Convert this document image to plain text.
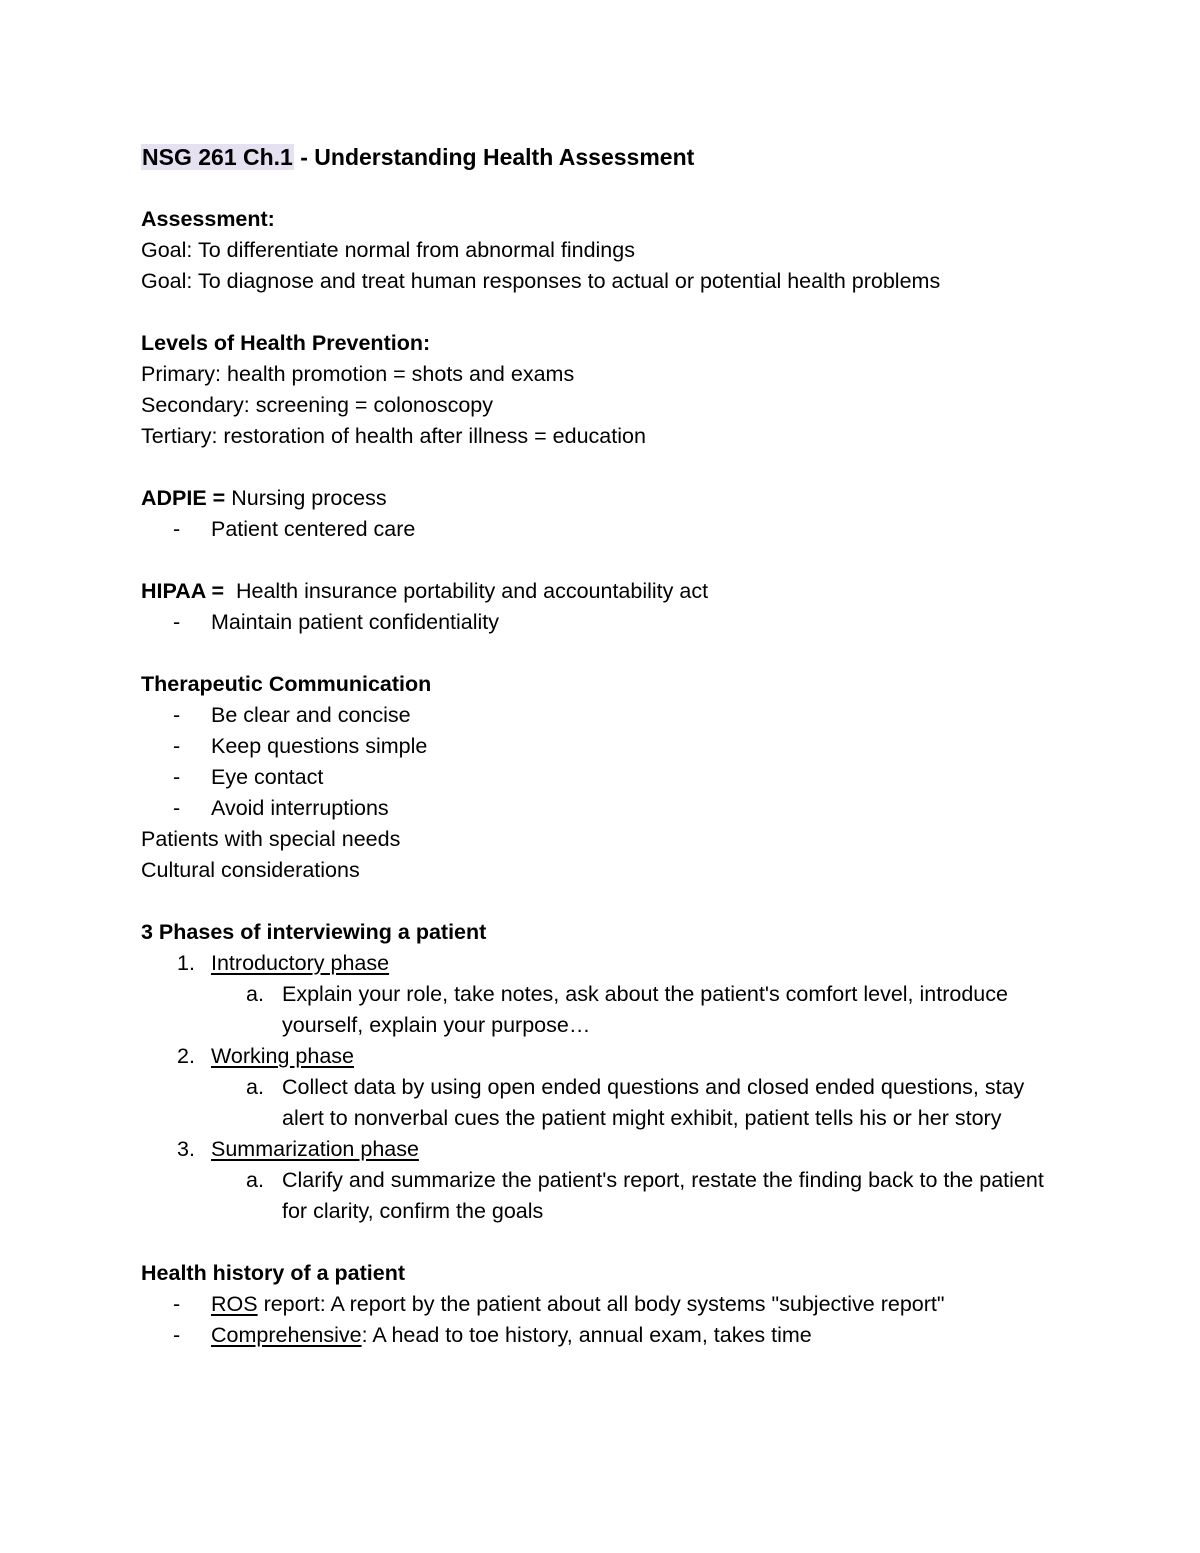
NSG 261 Ch.1 - Understanding Health Assessment

Assessment:

Goal: To differentiate normal from abnormal findings

Goal: To diagnose and treat human responses to actual or potential health problems

Levels of Health Prevention:

Primary: health promotion = shots and exams

Secondary: screening = colonoscopy

Tertiary: restoration of health after illness = education

ADPIE = Nursing process

- Patient centered care

HIPAA =  Health insurance portability and accountability act

- Maintain patient confidentiality

Therapeutic Communication

- Be clear and concise
- Keep questions simple
- Eye contact
- Avoid interruptions

Patients with special needs

Cultural considerations

3 Phases of interviewing a patient

1. Introductory phase
a. Explain your role, take notes, ask about the patient's comfort level, introduce yourself, explain your purpose…
2. Working phase
a. Collect data by using open ended questions and closed ended questions, stay alert to nonverbal cues the patient might exhibit, patient tells his or her story
3. Summarization phase
a. Clarify and summarize the patient's report, restate the finding back to the patient for clarity, confirm the goals

Health history of a patient

- ROS report: A report by the patient about all body systems "subjective report"
- Comprehensive: A head to toe history, annual exam, takes time
